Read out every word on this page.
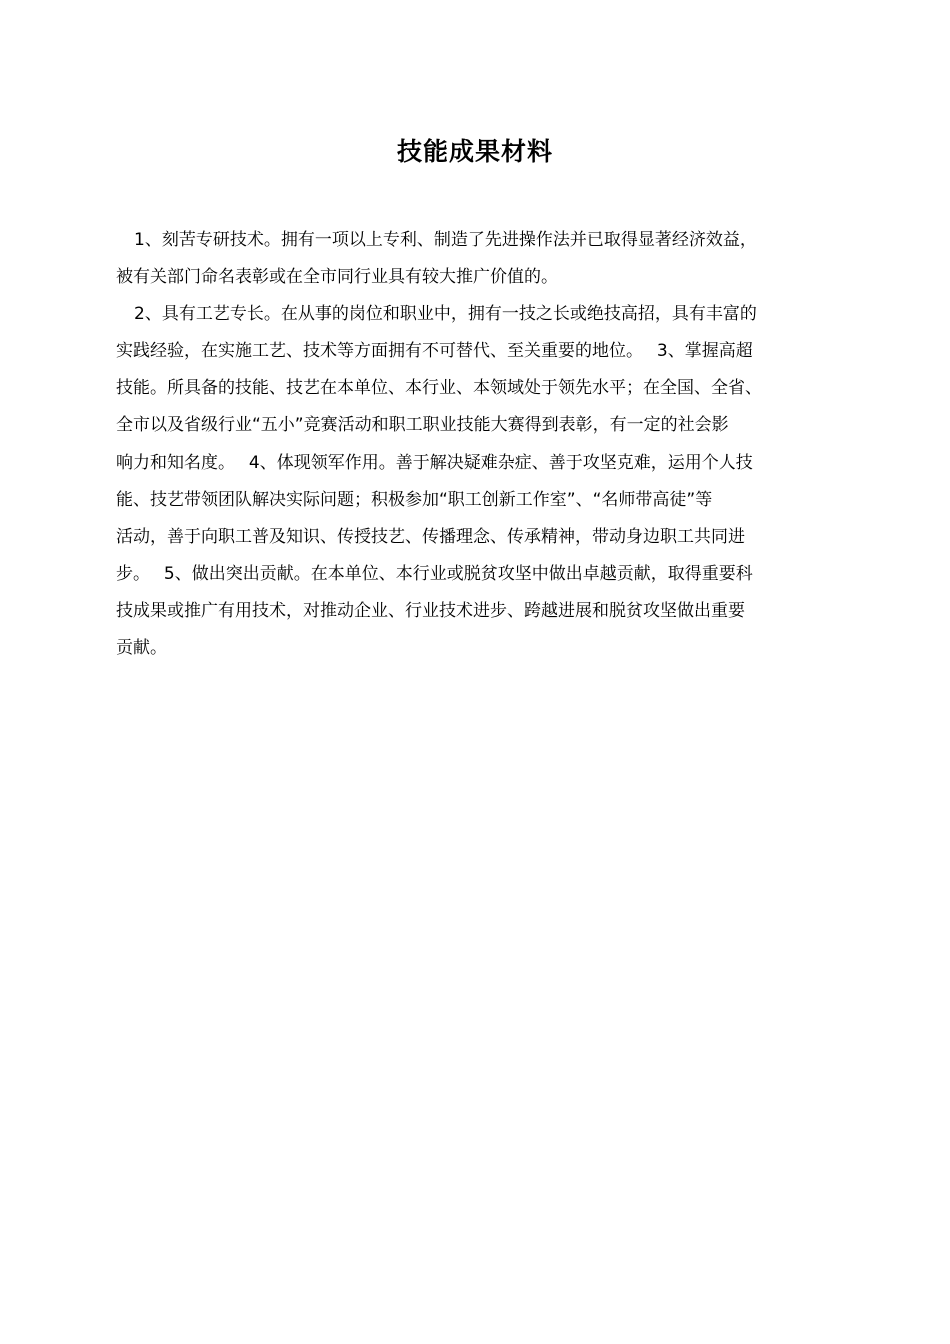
技能成果材料
1、刻苦专研技术。拥有一项以上专利、制造了先进操作法并已取得显著经济效益，
被有关部门命名表彰或在全市同行业具有较大推广价值的。
2、具有工艺专长。在从事的岗位和职业中，拥有一技之长或绝技高招，具有丰富的
实践经验，在实施工艺、技术等方面拥有不可替代、至关重要的地位。　 3、掌握高超
技能。所具备的技能、技艺在本单位、本行业、本领域处于领先水平；在全国、全省、
全市以及省级行业“五小”竞赛活动和职工职业技能大赛得到表彰，有一定的社会影
响力和知名度。　 4、体现领军作用。善于解决疑难杂症、善于攻坚克难，运用个人技
能、技艺带领团队解决实际问题；积极参加“职工创新工作室”、“名师带高徒”等
活动，善于向职工普及知识、传授技艺、传播理念、传承精神，带动身边职工共同进
步。　 5、做出突出贡献。在本单位、本行业或脱贫攻坚中做出卓越贡献，取得重要科
技成果或推广有用技术，对推动企业、行业技术进步、跨越进展和脱贫攻坚做出重要
贡献。
